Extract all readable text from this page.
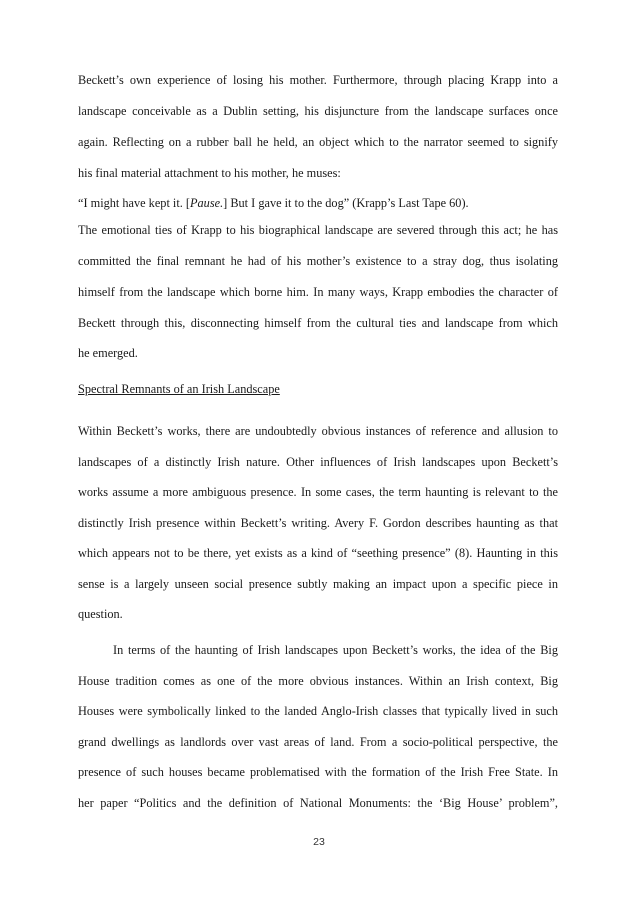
Beckett’s own experience of losing his mother. Furthermore, through placing Krapp into a
landscape conceivable as a Dublin setting, his disjuncture from the landscape surfaces once
again. Reflecting on a rubber ball he held, an object which to the narrator seemed to signify
his final material attachment to his mother, he muses:
“I might have kept it. [Pause.] But I gave it to the dog” (Krapp’s Last Tape 60).
The emotional ties of Krapp to his biographical landscape are severed through this act; he has
committed the final remnant he had of his mother’s existence to a stray dog, thus isolating
himself from the landscape which borne him. In many ways, Krapp embodies the character of
Beckett through this, disconnecting himself from the cultural ties and landscape from which
he emerged.
Spectral Remnants of an Irish Landscape
Within Beckett’s works, there are undoubtedly obvious instances of reference and allusion to
landscapes of a distinctly Irish nature. Other influences of Irish landscapes upon Beckett’s
works assume a more ambiguous presence. In some cases, the term haunting is relevant to the
distinctly Irish presence within Beckett’s writing. Avery F. Gordon describes haunting as that
which appears not to be there, yet exists as a kind of “seething presence” (8). Haunting in this
sense is a largely unseen social presence subtly making an impact upon a specific piece in
question.
In terms of the haunting of Irish landscapes upon Beckett’s works, the idea of the Big
House tradition comes as one of the more obvious instances. Within an Irish context, Big
Houses were symbolically linked to the landed Anglo-Irish classes that typically lived in such
grand dwellings as landlords over vast areas of land. From a socio-political perspective, the
presence of such houses became problematised with the formation of the Irish Free State. In
her paper “Politics and the definition of National Monuments: the ‘Big House’ problem”,
23
